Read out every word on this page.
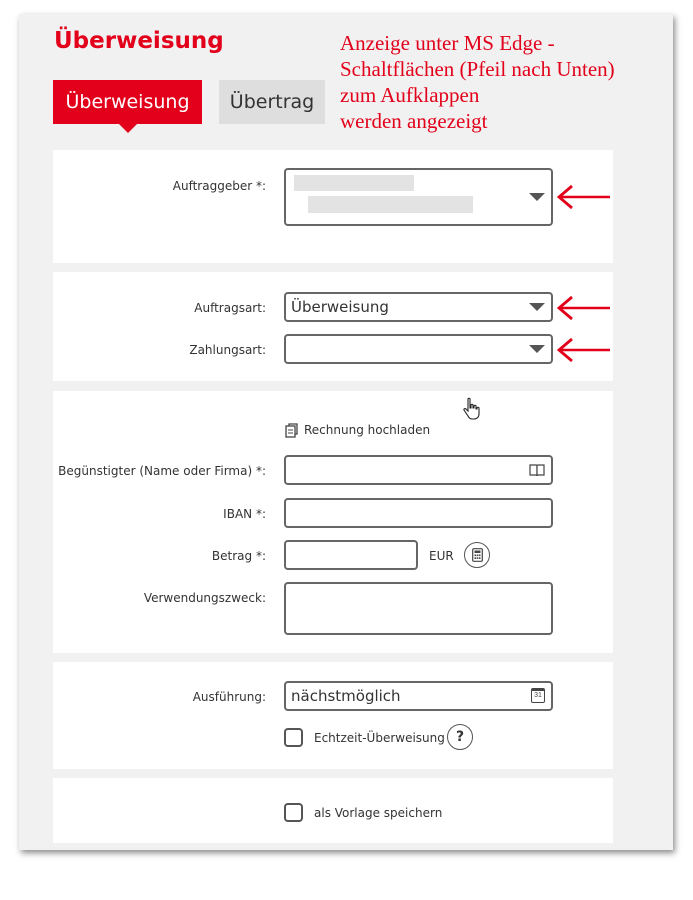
Überweisung	Anzeige unter MS Edge -
Schaltflächen (Pfeil nach Unten)
zum Aufklappen
werden angezeigt
Überweisung	Übertrag
Auftraggeber *:
Auftragsart: Überweisung
Zahlungsart:
Rechnung hochladen
Begünstigter (Name oder Firma) *:
IBAN *:
Betrag *:	EUR
Verwendungszweck:
Ausführung: nächstmöglich	31
Echtzeit-Überweisung ?
als Vorlage speichern
